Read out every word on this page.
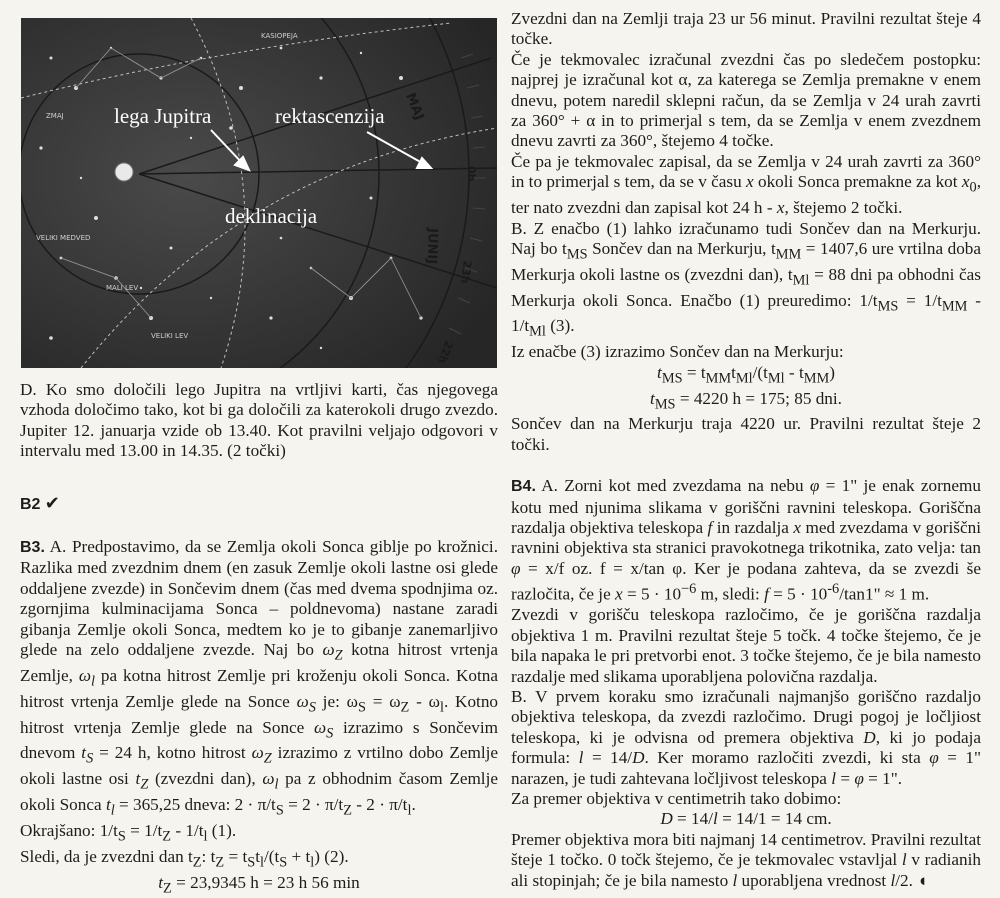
MAJ
JUNIJ
0h
23h
22h
VELIKI MEDVED
MALI LEV
VELIKI LEV
ZMAJ
KASIOPEJA
lega Jupitra	rektascenzija
deklinacija

D. Ko smo določili lego Jupitra na vrtljivi karti, čas njegovega vzhoda določimo tako, kot bi ga določili za katerokoli drugo zvezdo. Jupiter 12. januarja vzide ob 13.40. Kot pravilni veljajo odgovori v intervalu med 13.00 in 14.35. (2 točki)

B2 ✔

B3. A. Predpostavimo, da se Zemlja okoli Sonca giblje po krožnici. Razlika med zvezdnim dnem (en zasuk Zemlje okoli lastne osi glede oddaljene zvezde) in Sončevim dnem (čas med dvema spodnjima oz. zgornjima kulminacijama Sonca – poldnevoma) nastane zaradi gibanja Zemlje okoli Sonca, medtem ko je to gibanje zanemarljivo glede na zelo oddaljene zvezde. Naj bo $\omega_Z$ kotna hitrost vrtenja Zemlje, $\omega_l$ pa kotna hitrost Zemlje pri kroženju okoli Sonca. Kotna hitrost vrtenja Zemlje glede na Sonce $\omega_S$ je: $\omega_S = \omega_Z - \omega_l$. Kotno hitrost vrtenja Zemlje glede na Sonce $\omega_S$ izrazimo s Sončevim dnevom $t_S = 24$ h, kotno hitrost $\omega_Z$ izrazimo z vrtilno dobo Zemlje okoli lastne osi $t_Z$ (zvezdni dan), $\omega_l$ pa z obhodnim časom Zemlje okoli Sonca $t_l = 365,25$ dneva: $2 \cdot \pi/t_S = 2 \cdot \pi/t_Z - 2 \cdot \pi/t_l$.

Okrajšano: $1/t_S = 1/t_Z - 1/t_l$ (1).

Sledi, da je zvezdni dan $t_Z$: $t_Z = t_St_l/(t_S + t_l)$ (2).

$t_Z = 23,9345$ h = 23 h 56 min

Zvezdni dan na Zemlji traja 23 ur 56 minut. Pravilni rezultat šteje 4 točke.

Če je tekmovalec izračunal zvezdni čas po sledečem postopku: najprej je izračunal kot α, za katerega se Zemlja premakne v enem dnevu, potem naredil sklepni račun, da se Zemlja v 24 urah zavrti za 360° + α in to primerjal s tem, da se Zemlja v enem zvezdnem dnevu zavrti za 360°, štejemo 4 točke.

Če pa je tekmovalec zapisal, da se Zemlja v 24 urah zavrti za 360° in to primerjal s tem, da se v času x okoli Sonca premakne za kot $x_0$, ter nato zvezdni dan zapisal kot 24 h - x, štejemo 2 točki.

B. Z enačbo (1) lahko izračunamo tudi Sončev dan na Merkurju. Naj bo $t_{MS}$ Sončev dan na Merkurju, $t_{MM} = 1407,6$ ure vrtilna doba Merkurja okoli lastne os (zvezdni dan), $t_{Ml} = 88$ dni pa obhodni čas Merkurja okoli Sonca. Enačbo (1) preuredimo: $1/t_{MS} = 1/t_{MM} - 1/t_{Ml}$ (3).

Iz enačbe (3) izrazimo Sončev dan na Merkurju:

$t_{MS} = t_{MM}t_{Ml}/(t_{Ml} - t_{MM})$

$t_{MS} = 4220$ h = 175; 85 dni.

Sončev dan na Merkurju traja 4220 ur. Pravilni rezultat šteje 2 točki.

B4. A. Zorni kot med zvezdama na nebu φ = 1" je enak zornemu kotu med njunima slikama v goriščni ravnini teleskopa. Goriščna razdalja objektiva teleskopa f in razdalja x med zvezdama v goriščni ravnini objektiva sta stranici pravokotnega trikotnika, zato velja: tan φ = x/f oz. f = x/tan φ. Ker je podana zahteva, da se zvezdi še razločita, če je $x = 5 \cdot 10^{-6}$ m, sledi: $f = 5 \cdot 10^{-6}/\tan 1$" ≈ 1 m.

Zvezdi v gorišču teleskopa razločimo, če je goriščna razdalja objektiva 1 m. Pravilni rezultat šteje 5 točk. 4 točke štejemo, če je bila napaka le pri pretvorbi enot. 3 točke štejemo, če je bila namesto razdalje med slikama uporabljena polovična razdalja.

B. V prvem koraku smo izračunali najmanjšo goriščno razdaljo objektiva teleskopa, da zvezdi razločimo. Drugi pogoj je ločljiost teleskopa, ki je odvisna od premera objektiva D, ki jo podaja formula: l = 14/D. Ker moramo razločiti zvezdi, ki sta φ = 1" narazen, je tudi zahtevana ločljivost teleskopa l = φ = 1".

Za premer objektiva v centimetrih tako dobimo:

D = 14/l = 14/1 = 14 cm.

Premer objektiva mora biti najmanj 14 centimetrov. Pravilni rezultat šteje 1 točko. 0 točk štejemo, če je tekmovalec vstavljal l v radianih ali stopinjah; če je bila namesto l uporabljena vrednost l/2. ◖
